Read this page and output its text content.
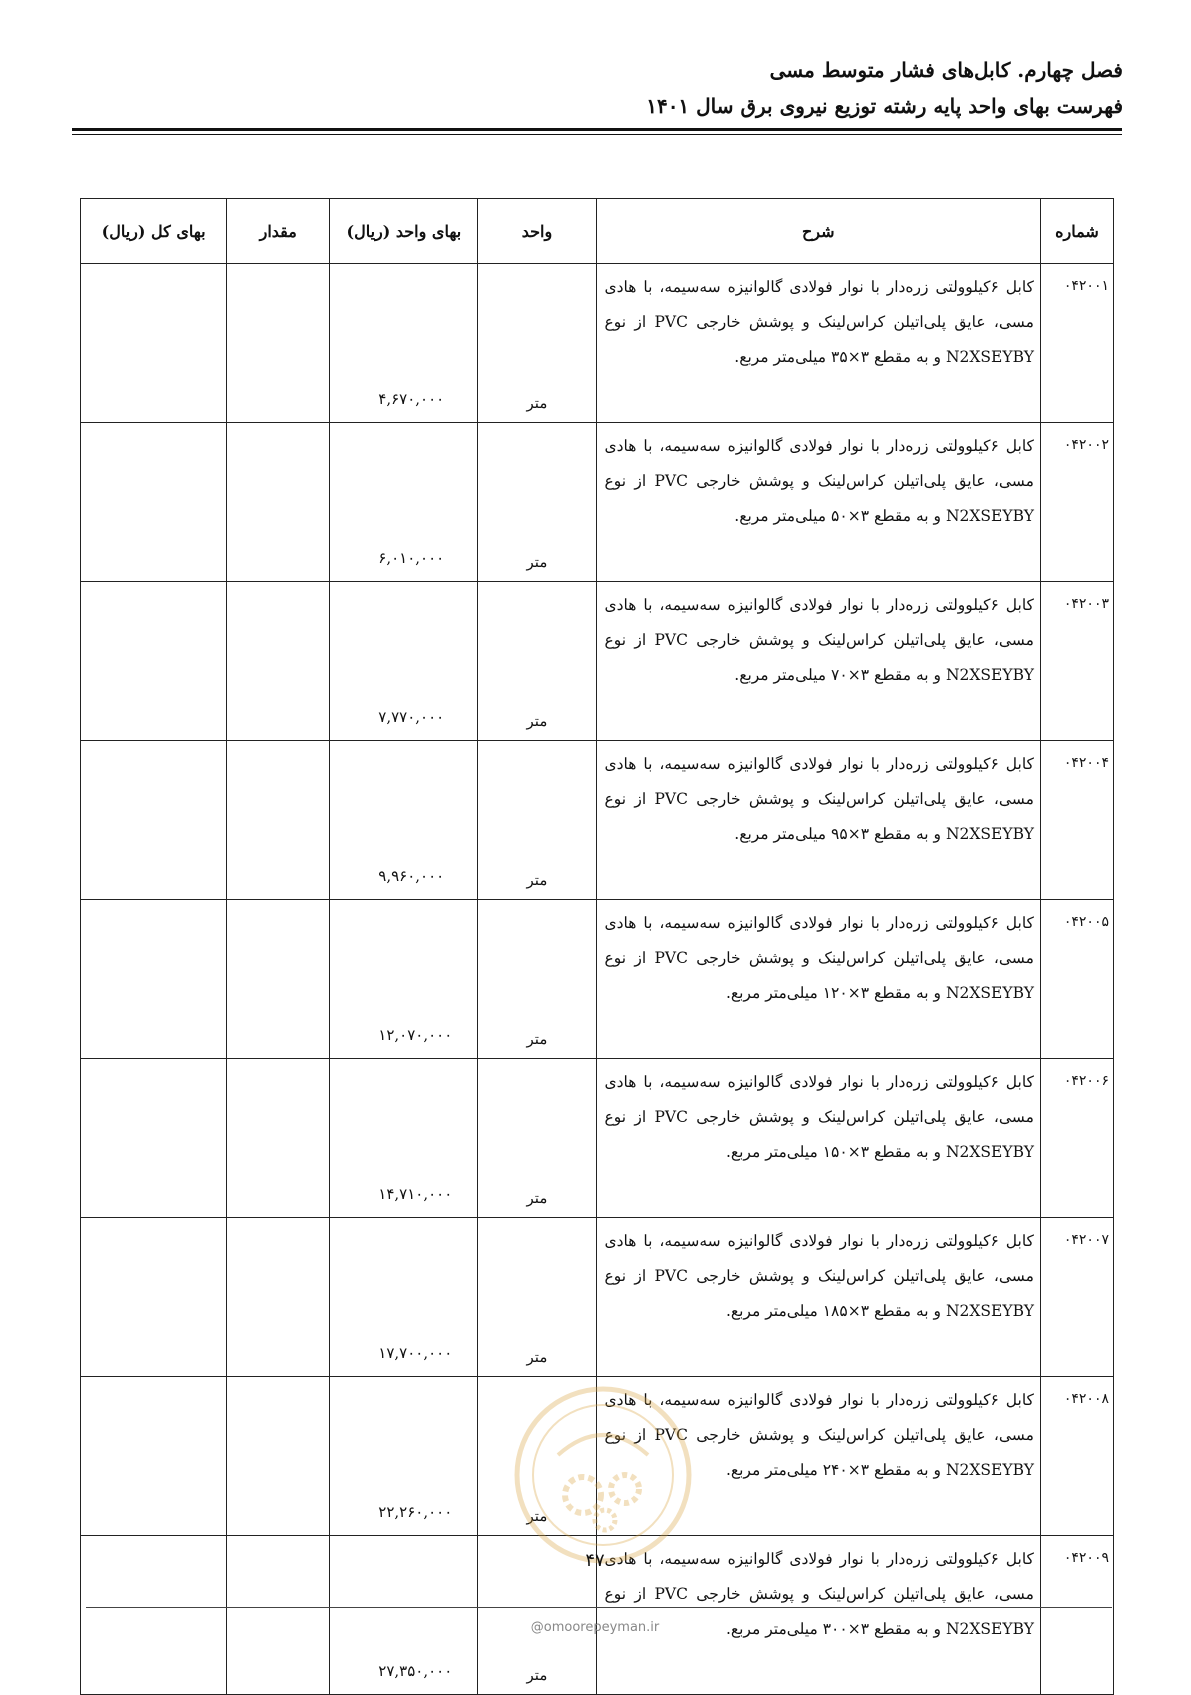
فصل چهارم. کابل‌های فشار متوسط مسی
فهرست بهای واحد پایه رشته توزیع نیروی برق سال ۱۴۰۱
شماره	شرح	واحد	بهای واحد (ریال)	مقدار	بهای کل (ریال)
۰۴۲۰۰۱	کابل ۶کیلوولتی زره‌دار با نوار فولادی گالوانیزه سه‌سیمه، با هادی مسی، عایق پلی‌اتیلن کراس‌لینک و پوشش خارجی PVC از نوع N2XSEYBY و به مقطع ۳×۳۵ میلی‌متر مربع.	متر	۴,۶۷۰,۰۰۰		
۰۴۲۰۰۲	کابل ۶کیلوولتی زره‌دار با نوار فولادی گالوانیزه سه‌سیمه، با هادی مسی، عایق پلی‌اتیلن کراس‌لینک و پوشش خارجی PVC از نوع N2XSEYBY و به مقطع ۳×۵۰ میلی‌متر مربع.	متر	۶,۰۱۰,۰۰۰		
۰۴۲۰۰۳	کابل ۶کیلوولتی زره‌دار با نوار فولادی گالوانیزه سه‌سیمه، با هادی مسی، عایق پلی‌اتیلن کراس‌لینک و پوشش خارجی PVC از نوع N2XSEYBY و به مقطع ۳×۷۰ میلی‌متر مربع.	متر	۷,۷۷۰,۰۰۰		
۰۴۲۰۰۴	کابل ۶کیلوولتی زره‌دار با نوار فولادی گالوانیزه سه‌سیمه، با هادی مسی، عایق پلی‌اتیلن کراس‌لینک و پوشش خارجی PVC از نوع N2XSEYBY و به مقطع ۳×۹۵ میلی‌متر مربع.	متر	۹,۹۶۰,۰۰۰		
۰۴۲۰۰۵	کابل ۶کیلوولتی زره‌دار با نوار فولادی گالوانیزه سه‌سیمه، با هادی مسی، عایق پلی‌اتیلن کراس‌لینک و پوشش خارجی PVC از نوع N2XSEYBY و به مقطع ۳×۱۲۰ میلی‌متر مربع.	متر	۱۲,۰۷۰,۰۰۰		
۰۴۲۰۰۶	کابل ۶کیلوولتی زره‌دار با نوار فولادی گالوانیزه سه‌سیمه، با هادی مسی، عایق پلی‌اتیلن کراس‌لینک و پوشش خارجی PVC از نوع N2XSEYBY و به مقطع ۳×۱۵۰ میلی‌متر مربع.	متر	۱۴,۷۱۰,۰۰۰		
۰۴۲۰۰۷	کابل ۶کیلوولتی زره‌دار با نوار فولادی گالوانیزه سه‌سیمه، با هادی مسی، عایق پلی‌اتیلن کراس‌لینک و پوشش خارجی PVC از نوع N2XSEYBY و به مقطع ۳×۱۸۵ میلی‌متر مربع.	متر	۱۷,۷۰۰,۰۰۰		
۰۴۲۰۰۸	کابل ۶کیلوولتی زره‌دار با نوار فولادی گالوانیزه سه‌سیمه، با هادی مسی، عایق پلی‌اتیلن کراس‌لینک و پوشش خارجی PVC از نوع N2XSEYBY و به مقطع ۳×۲۴۰ میلی‌متر مربع.	متر	۲۲,۲۶۰,۰۰۰		
۰۴۲۰۰۹	کابل ۶کیلوولتی زره‌دار با نوار فولادی گالوانیزه سه‌سیمه، با هادی مسی، عایق پلی‌اتیلن کراس‌لینک و پوشش خارجی PVC از نوع N2XSEYBY و به مقطع ۳×۳۰۰ میلی‌متر مربع.	متر	۲۷,۳۵۰,۰۰۰		
۴۷
@omoorepeyman.ir
